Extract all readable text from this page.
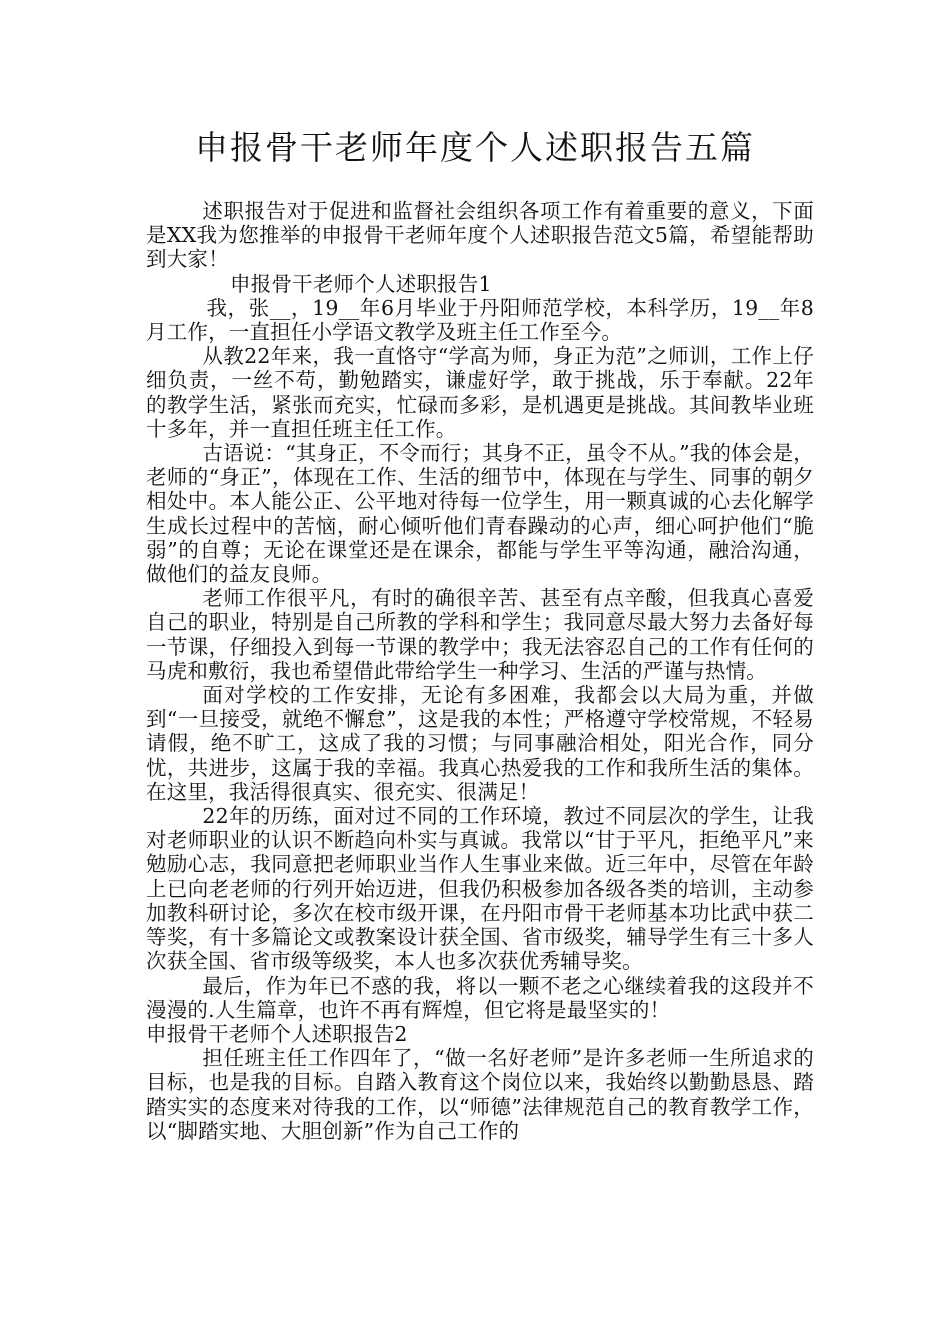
申报骨干老师年度个人述职报告五篇

述职报告对于促进和监督社会组织各项工作有着重要的意义，下面是XX我为您推举的申报骨干老师年度个人述职报告范文5篇，希望能帮助到大家！

申报骨干老师个人述职报告1

我，张__，19__年6月毕业于丹阳师范学校，本科学历，19__年8月工作，一直担任小学语文教学及班主任工作至今。

从教22年来，我一直恪守“学高为师，身正为范”之师训，工作上仔细负责，一丝不苟，勤勉踏实，谦虚好学，敢于挑战，乐于奉献。22年的教学生活，紧张而充实，忙碌而多彩，是机遇更是挑战。其间教毕业班十多年，并一直担任班主任工作。

古语说：“其身正，不令而行；其身不正，虽令不从。”我的体会是，老师的“身正”，体现在工作、生活的细节中，体现在与学生、同事的朝夕相处中。本人能公正、公平地对待每一位学生，用一颗真诚的心去化解学生成长过程中的苦恼，耐心倾听他们青春躁动的心声，细心呵护他们“脆弱”的自尊；无论在课堂还是在课余，都能与学生平等沟通，融洽沟通，做他们的益友良师。

老师工作很平凡，有时的确很辛苦、甚至有点辛酸，但我真心喜爱自己的职业，特别是自己所教的学科和学生；我同意尽最大努力去备好每一节课，仔细投入到每一节课的教学中；我无法容忍自己的工作有任何的马虎和敷衍，我也希望借此带给学生一种学习、生活的严谨与热情。

面对学校的工作安排，无论有多困难，我都会以大局为重，并做到“一旦接受，就绝不懈怠”，这是我的本性；严格遵守学校常规，不轻易请假，绝不旷工，这成了我的习惯；与同事融洽相处，阳光合作，同分忧，共进步，这属于我的幸福。我真心热爱我的工作和我所生活的集体。在这里，我活得很真实、很充实、很满足！

22年的历练，面对过不同的工作环境，教过不同层次的学生，让我对老师职业的认识不断趋向朴实与真诚。我常以“甘于平凡，拒绝平凡”来勉励心志，我同意把老师职业当作人生事业来做。近三年中，尽管在年龄上已向老老师的行列开始迈进，但我仍积极参加各级各类的培训，主动参加教科研讨论，多次在校市级开课，在丹阳市骨干老师基本功比武中获二等奖，有十多篇论文或教案设计获全国、省市级奖，辅导学生有三十多人次获全国、省市级等级奖，本人也多次获优秀辅导奖。

最后，作为年已不惑的我，将以一颗不老之心继续着我的这段并不漫漫的.人生篇章，也许不再有辉煌，但它将是最坚实的！

申报骨干老师个人述职报告2

担任班主任工作四年了，“做一名好老师”是许多老师一生所追求的目标，也是我的目标。自踏入教育这个岗位以来，我始终以勤勤恳恳、踏踏实实的态度来对待我的工作，以“师德”法律规范自己的教育教学工作，以“脚踏实地、大胆创新”作为自己工作的
